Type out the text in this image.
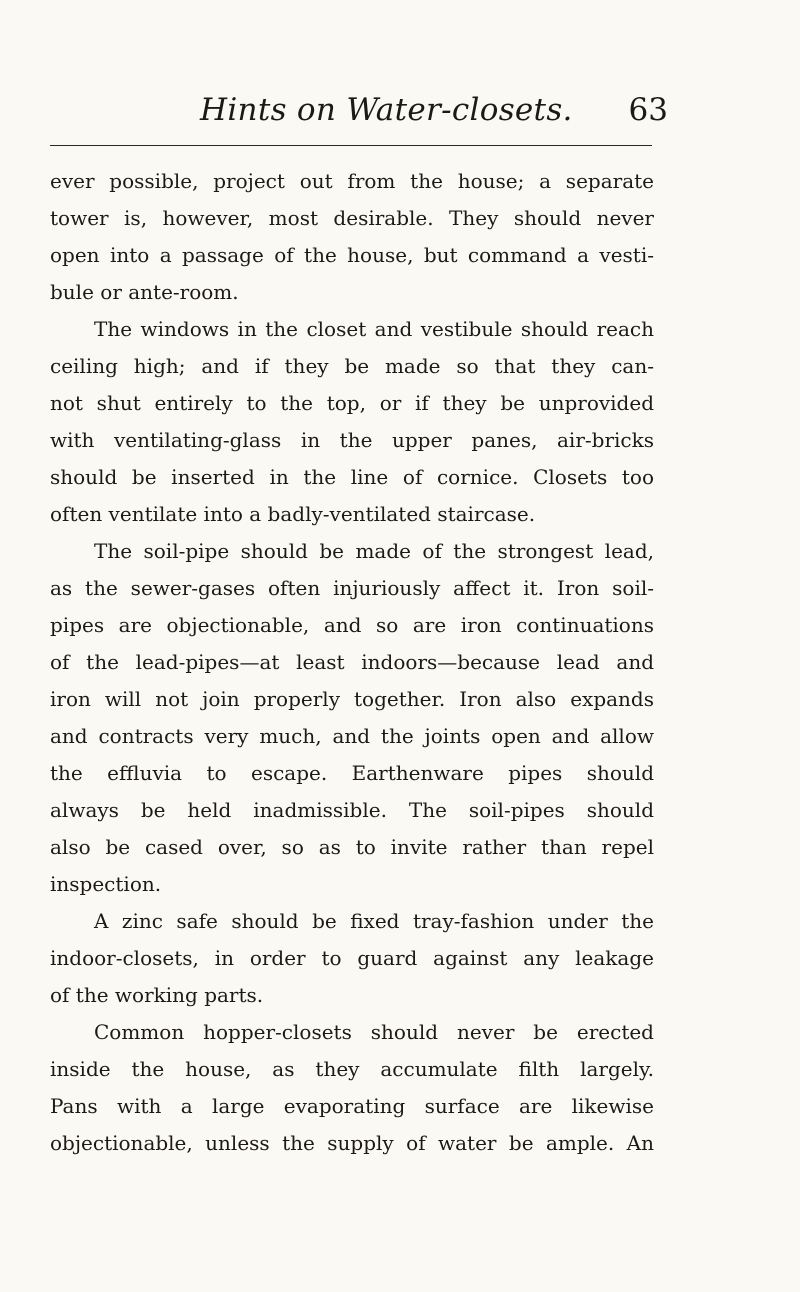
Hints on Water-closets. 63
ever possible, project out from the house; a separate
tower is, however, most desirable. They should never
open into a passage of the house, but command a vesti-
bule or ante-room.
The windows in the closet and vestibule should reach
ceiling high; and if they be made so that they can-
not shut entirely to the top, or if they be unprovided
with ventilating-glass in the upper panes, air-bricks
should be inserted in the line of cornice. Closets too
often ventilate into a badly-ventilated staircase.
The soil-pipe should be made of the strongest lead,
as the sewer-gases often injuriously affect it. Iron soil-
pipes are objectionable, and so are iron continuations
of the lead-pipes—at least indoors—because lead and
iron will not join properly together. Iron also expands
and contracts very much, and the joints open and allow
the effluvia to escape. Earthenware pipes should
always be held inadmissible. The soil-pipes should
also be cased over, so as to invite rather than repel
inspection.
A zinc safe should be fixed tray-fashion under the
indoor-closets, in order to guard against any leakage
of the working parts.
Common hopper-closets should never be erected
inside the house, as they accumulate filth largely.
Pans with a large evaporating surface are likewise
objectionable, unless the supply of water be ample. An
